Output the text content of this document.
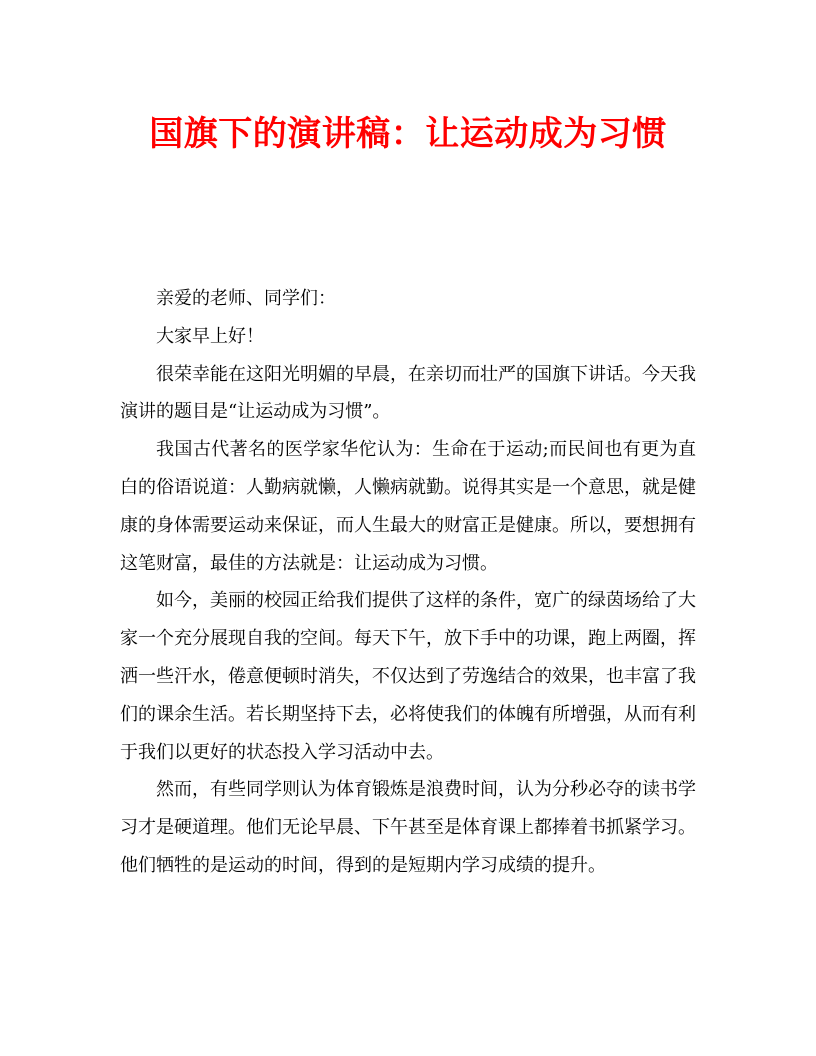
国旗下的演讲稿：让运动成为习惯

亲爱的老师、同学们：

大家早上好！

很荣幸能在这阳光明媚的早晨，在亲切而壮严的国旗下讲话。今天我演讲的题目是“让运动成为习惯”。

我国古代著名的医学家华佗认为：生命在于运动;而民间也有更为直白的俗语说道：人勤病就懒，人懒病就勤。说得其实是一个意思，就是健康的身体需要运动来保证，而人生最大的财富正是健康。所以，要想拥有这笔财富，最佳的方法就是：让运动成为习惯。

如今，美丽的校园正给我们提供了这样的条件，宽广的绿茵场给了大家一个充分展现自我的空间。每天下午，放下手中的功课，跑上两圈，挥洒一些汗水，倦意便顿时消失，不仅达到了劳逸结合的效果，也丰富了我们的课余生活。若长期坚持下去，必将使我们的体魄有所增强，从而有利于我们以更好的状态投入学习活动中去。

然而，有些同学则认为体育锻炼是浪费时间，认为分秒必夺的读书学习才是硬道理。他们无论早晨、下午甚至是体育课上都捧着书抓紧学习。他们牺牲的是运动的时间，得到的是短期内学习成绩的提升。
